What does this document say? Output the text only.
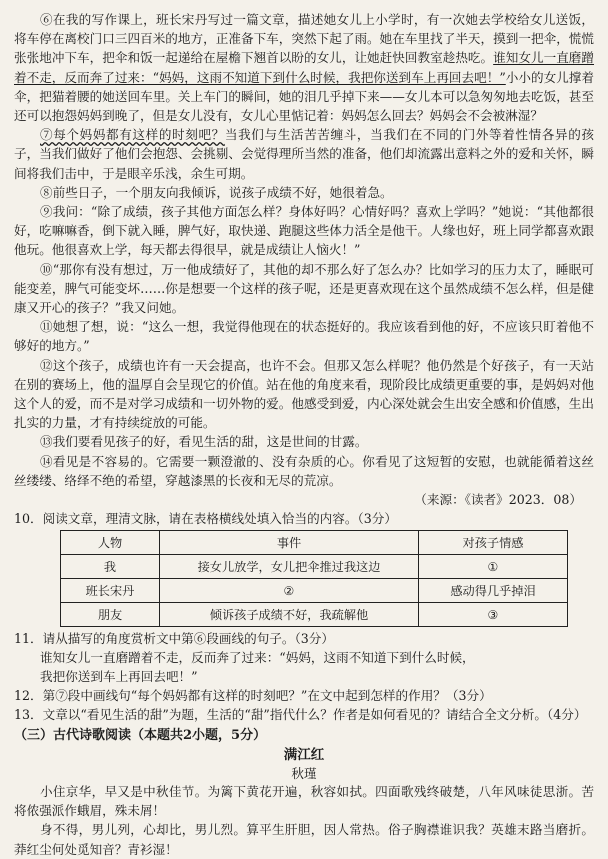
⑥在我的写作课上，班长宋丹写过一篇文章，描述她女儿上小学时，有一次她去学校给女儿送饭，将车停在离校门口三四百米的地方，正准备下车，突然下起了雨。她在车里找了半天，摸到一把伞，慌慌张张地冲下车，把伞和饭一起递给在屋檐下翘首以盼的女儿，让她赶快回教室趁热吃。谁知女儿一直磨蹭着不走，反而奔了过来：“妈妈，这雨不知道下到什么时候，我把你送到车上再回去吧！”小小的女儿撑着伞，把猫着腰的她送回车里。关上车门的瞬间，她的泪几乎掉下来——女儿本可以急匆匆地去吃饭，甚至还可以抱怨妈妈到晚了，但是女儿没有，女儿心里惦记着：妈妈怎么回去？妈妈会不会被淋湿？

⑦每个妈妈都有这样的时刻吧？当我们与生活苦苦缠斗，当我们在不同的门外等着性情各异的孩子，当我们做好了他们会抱怨、会挑剔、会觉得理所当然的准备，他们却流露出意料之外的爱和关怀，瞬间将我们击中，于是眼辛乐浅，余生可期。

⑧前些日子，一个朋友向我倾诉，说孩子成绩不好，她很着急。

⑨我问：“除了成绩，孩子其他方面怎么样？身体好吗？心情好吗？喜欢上学吗？”她说：“其他都很好，吃嘛嘛香，倒下就入睡，脾气好，取快递、跑腿这些体力活全是他干。人缘也好，班上同学都喜欢跟他玩。他很喜欢上学，每天都去得很早，就是成绩让人恼火！”

⑩“那你有没有想过，万一他成绩好了，其他的却不那么好了怎么办？比如学习的压力太了，睡眠可能变差，脾气可能变坏……你是想要一个这样的孩子呢，还是更喜欢现在这个虽然成绩不怎么样，但是健康又开心的孩子？”我又问她。

⑪她想了想，说：“这么一想，我觉得他现在的状态挺好的。我应该看到他的好，不应该只盯着他不够好的地方。”

⑫这个孩子，成绩也许有一天会提高，也许不会。但那又怎么样呢？他仍然是个好孩子，有一天站在别的赛场上，他的温厚自会呈现它的价值。站在他的角度来看，现阶段比成绩更重要的事，是妈妈对他这个人的爱，而不是对学习成绩和一切外物的爱。他感受到爱，内心深处就会生出安全感和价值感，生出扎实的力量，才有持续绽放的可能。

⑬我们要看见孩子的好，看见生活的甜，这是世间的甘露。

⑭看见是不容易的。它需要一颗澄澈的、没有杂质的心。你看见了这短暂的安慰，也就能循着这丝丝缕缕、络绎不绝的希望，穿越漆黑的长夜和无尽的荒凉。

（来源：《读者》2023．08）

10．阅读文章，理清文脉，请在表格横线处填入恰当的内容。（3分）

人物	事件	对孩子情感
我	接女儿放学，女儿把伞推过我这边	①
班长宋丹	②	感动得几乎掉泪
朋友	倾诉孩子成绩不好，我疏解他	③

11．请从描写的角度赏析文中第⑥段画线的句子。（3分）

谁知女儿一直磨蹭着不走，反而奔了过来：“妈妈，这雨不知道下到什么时候，

我把你送到车上再回去吧！”

12．第⑦段中画线句“每个妈妈都有这样的时刻吧？”在文中起到怎样的作用？（3分）

13．文章以“看见生活的甜”为题，生活的“甜”指代什么？作者是如何看见的？请结合全文分析。（4分）

（三）古代诗歌阅读（本题共2小题，5分）

满江红

秋瑾

小住京华，早又是中秋佳节。为篱下黄花开遍，秋容如拭。四面歌残终破楚，八年风味徒思浙。苦将侬强派作蛾眉，殊未屑！

身不得，男儿列，心却比，男儿烈。算平生肝胆，因人常热。俗子胸襟谁识我？英雄末路当磨折。莽红尘何处觅知音？青衫湿！
